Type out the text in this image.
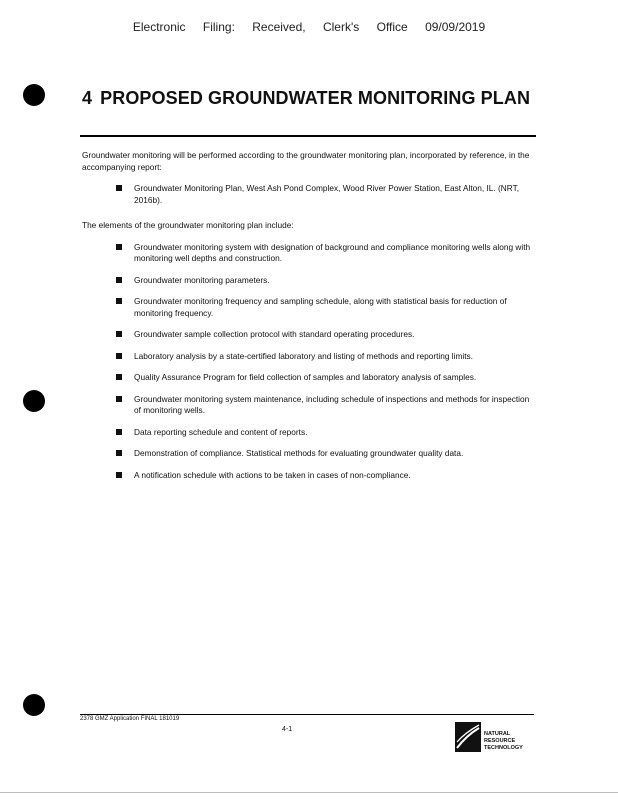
Electronic Filing: Received, Clerk's Office 09/09/2019
4 PROPOSED GROUNDWATER MONITORING PLAN

Groundwater monitoring will be performed according to the groundwater monitoring plan, incorporated by reference, in the accompanying report:

Groundwater Monitoring Plan, West Ash Pond Complex, Wood River Power Station, East Alton, IL. (NRT, 2016b).

The elements of the groundwater monitoring plan include:

Groundwater monitoring system with designation of background and compliance monitoring wells along with monitoring well depths and construction.
Groundwater monitoring parameters.
Groundwater monitoring frequency and sampling schedule, along with statistical basis for reduction of monitoring frequency.
Groundwater sample collection protocol with standard operating procedures.
Laboratory analysis by a state-certified laboratory and listing of methods and reporting limits.
Quality Assurance Program for field collection of samples and laboratory analysis of samples.
Groundwater monitoring system maintenance, including schedule of inspections and methods for inspection of monitoring wells.
Data reporting schedule and content of reports.
Demonstration of compliance. Statistical methods for evaluating groundwater quality data.
A notification schedule with actions to be taken in cases of non-compliance.
2378 GMZ Application FINAL 181019
4-1
NATURAL
RESOURCE
TECHNOLOGY
